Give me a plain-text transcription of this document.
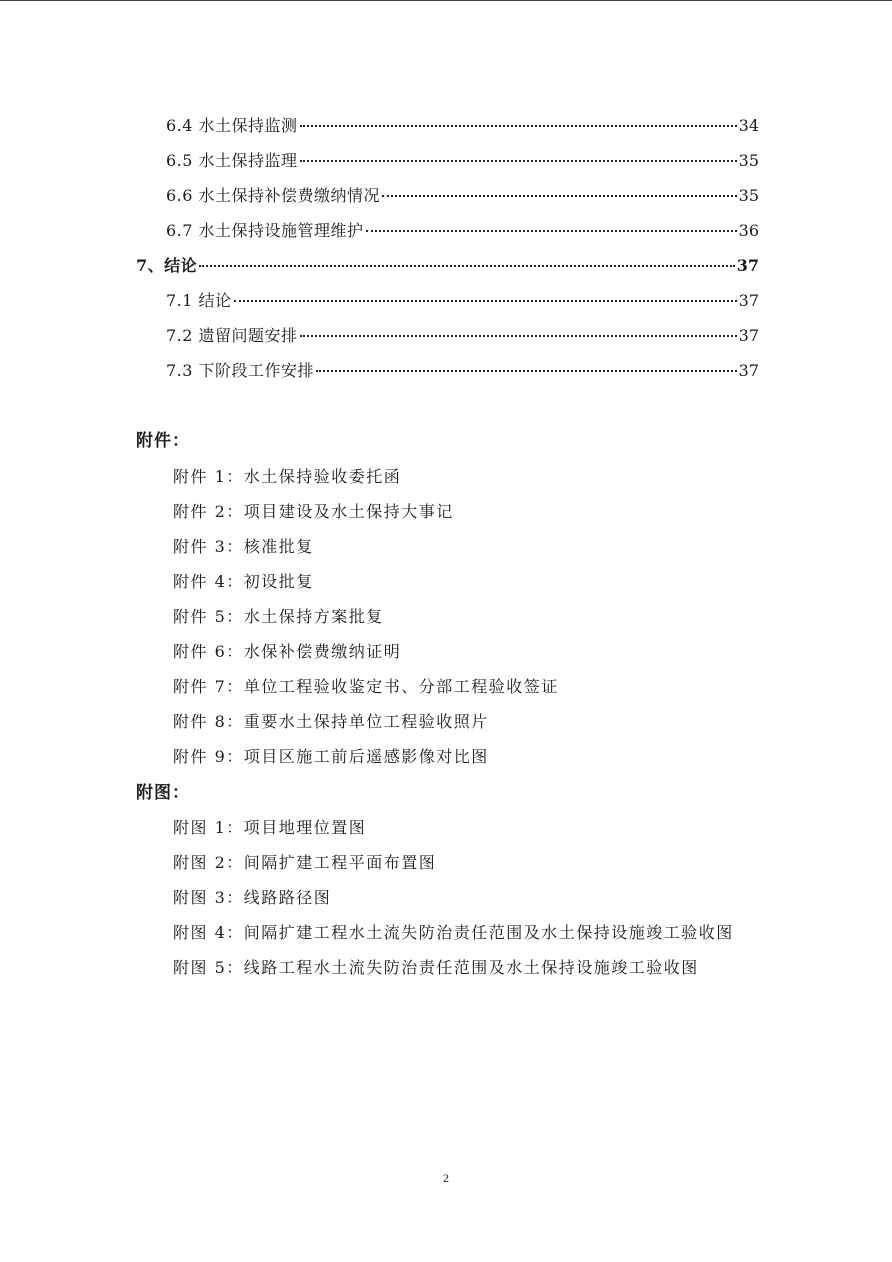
6.4 水土保持监测	34
6.5 水土保持监理	35
6.6 水土保持补偿费缴纳情况	35
6.7 水土保持设施管理维护	36
7、结论	37
7.1 结论	37
7.2 遗留问题安排	37
7.3 下阶段工作安排	37
附件：
附件 1：水土保持验收委托函
附件 2：项目建设及水土保持大事记
附件 3：核准批复
附件 4：初设批复
附件 5：水土保持方案批复
附件 6：水保补偿费缴纳证明
附件 7：单位工程验收鉴定书、分部工程验收签证
附件 8：重要水土保持单位工程验收照片
附件 9：项目区施工前后遥感影像对比图
附图：
附图 1：项目地理位置图
附图 2：间隔扩建工程平面布置图
附图 3：线路路径图
附图 4：间隔扩建工程水土流失防治责任范围及水土保持设施竣工验收图
附图 5：线路工程水土流失防治责任范围及水土保持设施竣工验收图
2
